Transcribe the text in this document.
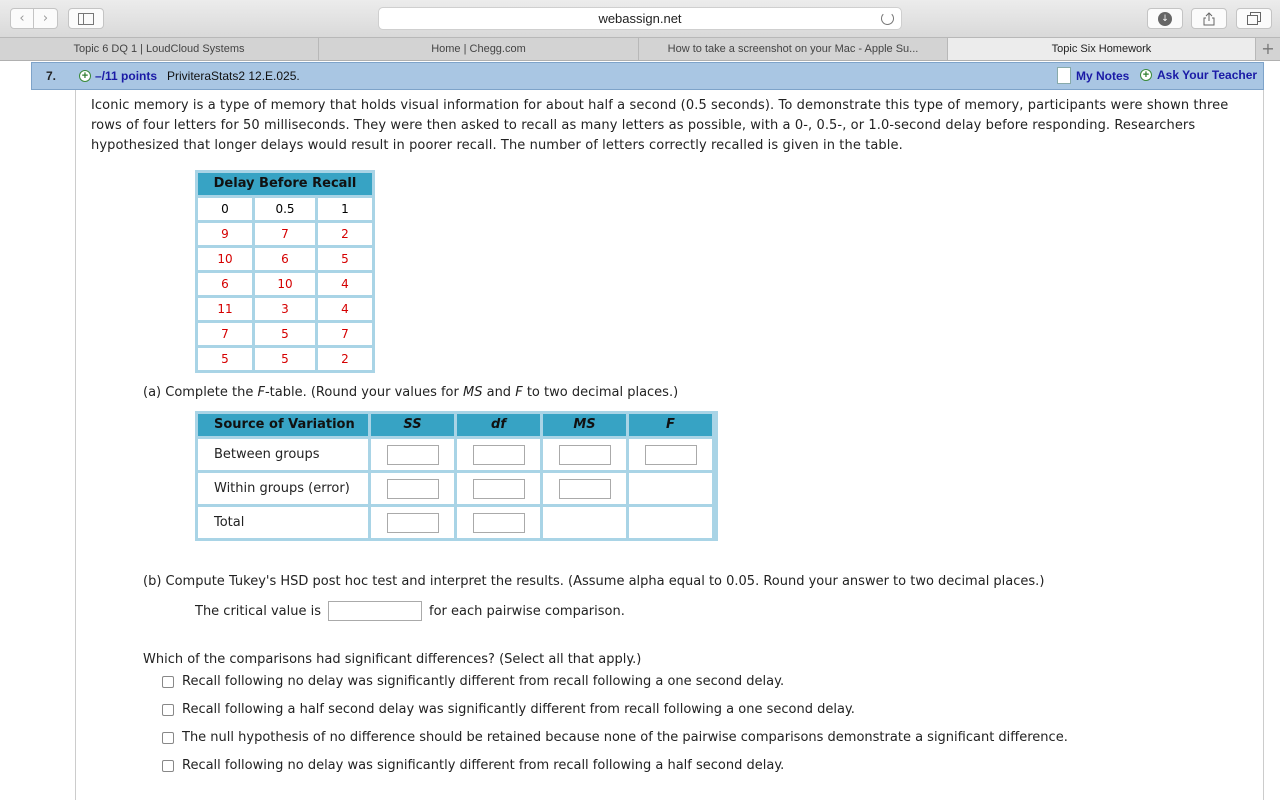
‹ ›	webassign.net	↓
Topic 6 DQ 1 | LoudCloud Systems	Home | Chegg.com	How to take a screenshot on your Mac - Apple Su...	Topic Six Homework	+
7. + –/11 points PriviteraStats2 12.E.025.	My Notes + Ask Your Teacher

Iconic memory is a type of memory that holds visual information for about half a second (0.5 seconds). To demonstrate this type of memory, participants were shown three rows of four letters for 50 milliseconds. They were then asked to recall as many letters as possible, with a 0-, 0.5-, or 1.0-second delay before responding. Researchers hypothesized that longer delays would result in poorer recall. The number of letters correctly recalled is given in the table.

Delay Before Recall
0	0.5	1
9	7	2
10	6	5
6	10	4
11	3	4
7	5	7
5	5	2

(a) Complete the F-table. (Round your values for MS and F to two decimal places.)

Source of Variation	SS	df	MS	F
Between groups
Within groups (error)
Total

(b) Compute Tukey's HSD post hoc test and interpret the results. (Assume alpha equal to 0.05. Round your answer to two decimal places.)

The critical value is	for each pairwise comparison.

Which of the comparisons had significant differences? (Select all that apply.)

Recall following no delay was significantly different from recall following a one second delay.
Recall following a half second delay was significantly different from recall following a one second delay.
The null hypothesis of no difference should be retained because none of the pairwise comparisons demonstrate a significant difference.
Recall following no delay was significantly different from recall following a half second delay.
